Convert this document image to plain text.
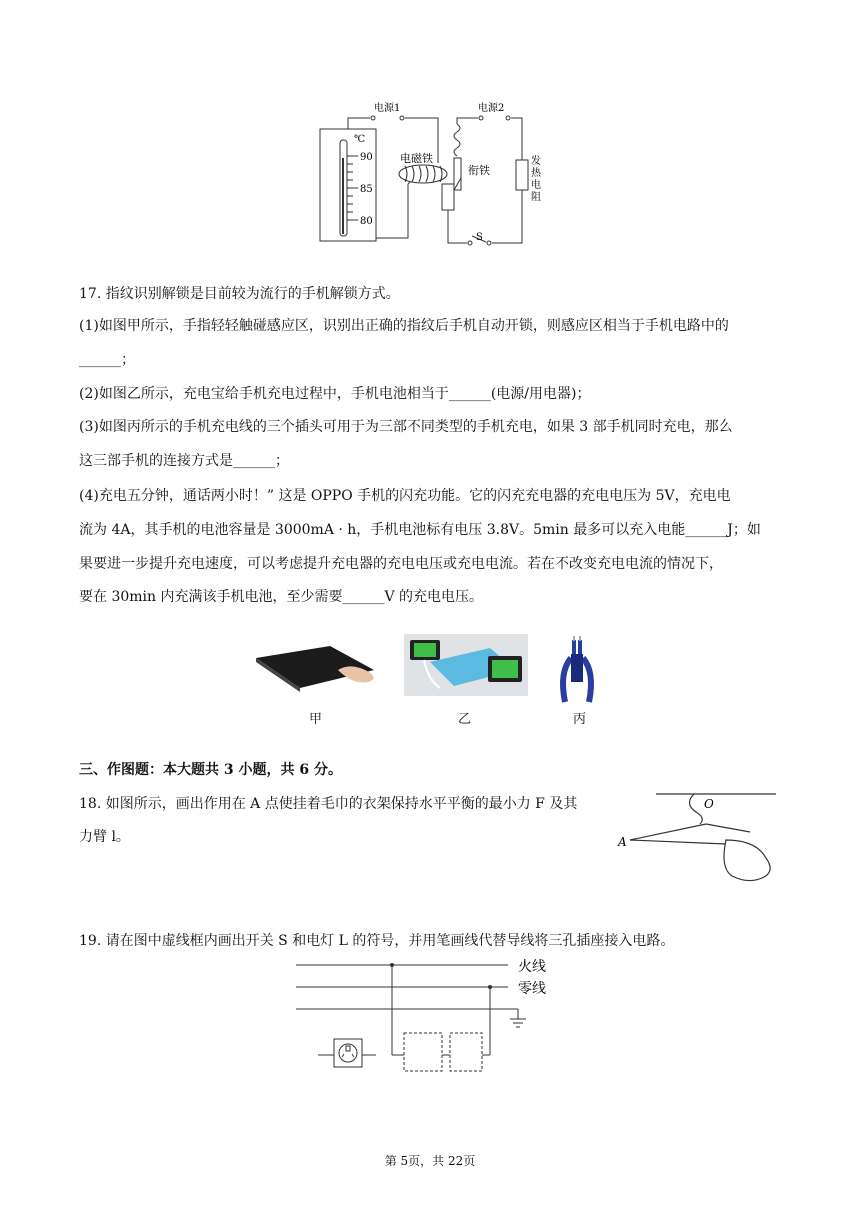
电源1	电源2
℃
90
85
80
电磁铁
衔铁
发
热
电
阻
S
17. 指纹识别解锁是目前较为流行的手机解锁方式。
(1)如图甲所示，手指轻轻触碰感应区，识别出正确的指纹后手机自动开锁，则感应区相当于手机电路中的
______；
(2)如图乙所示，充电宝给手机充电过程中，手机电池相当于______(电源/用电器)；
(3)如图丙所示的手机充电线的三个插头可用于为三部不同类型的手机充电，如果 3 部手机同时充电，那么
这三部手机的连接方式是______；
(4)充电五分钟，通话两小时！” 这是 OPPO 手机的闪充功能。它的闪充充电器的充电电压为 5V，充电电
流为 4A，其手机的电池容量是 3000mA · h，手机电池标有电压 3.8V。5min 最多可以充入电能______J；如
果要进一步提升充电速度，可以考虑提升充电器的充电电压或充电电流。若在不改变充电电流的情况下，
要在 30min 内充满该手机电池，至少需要______V 的充电电压。
甲	乙	丙
三、作图题：本大题共 3 小题，共 6 分。
18. 如图所示，画出作用在 A 点使挂着毛巾的衣架保持水平平衡的最小力 F 及其
力臂 l。
O
A
19. 请在图中虚线框内画出开关 S 和电灯 L 的符号，并用笔画线代替导线将三孔插座接入电路。
火线
零线
第 5页，共 22页
